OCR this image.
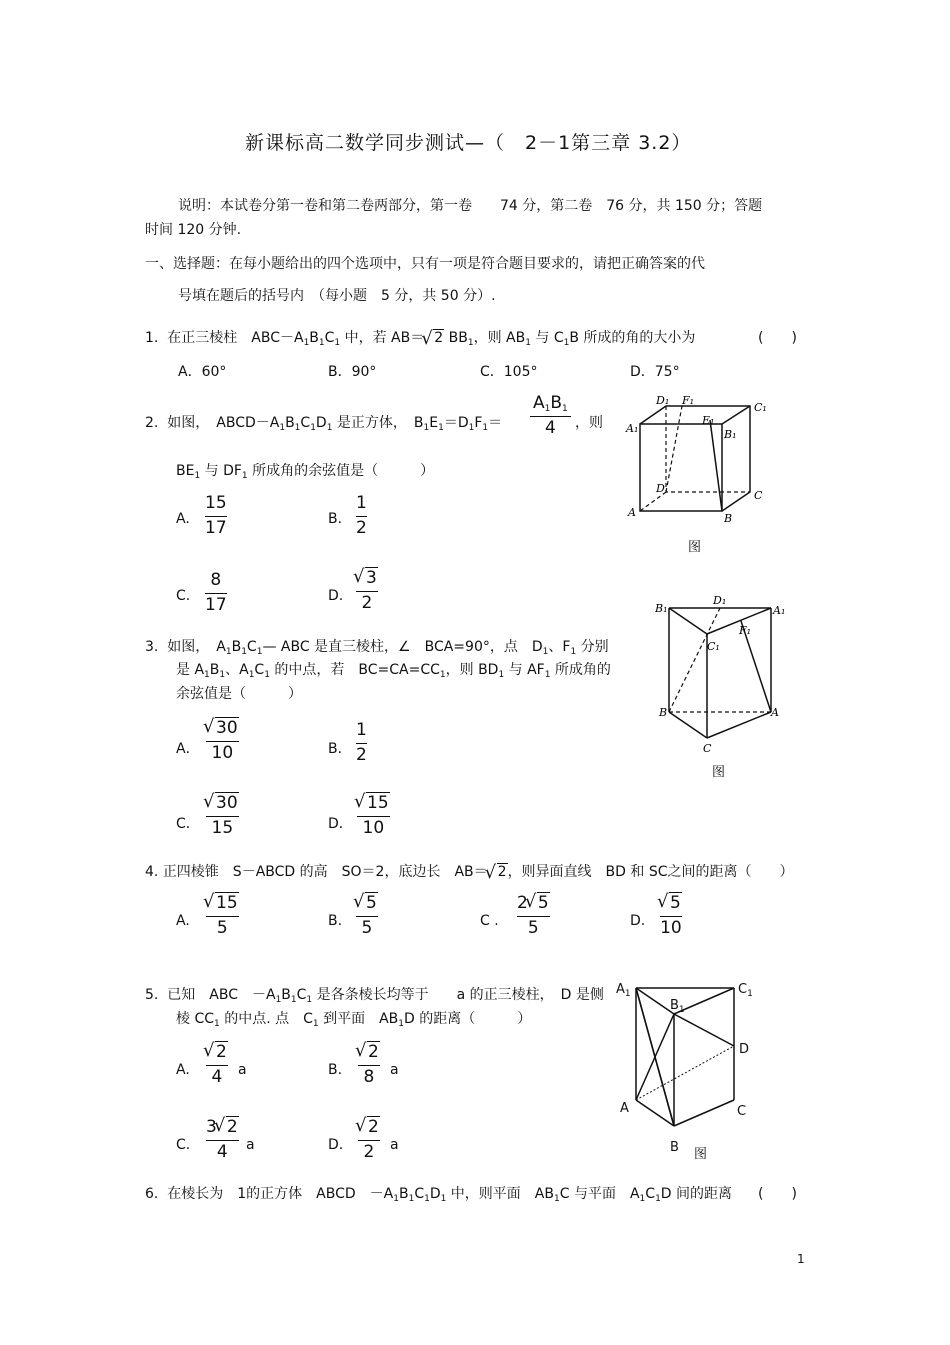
新课标高二数学同步测试—（　2－1第三章 3.2）
说明：本试卷分第一卷和第二卷两部分，第一卷　　74 分，第二卷　76 分，共 150 分；答题
时间 120 分钟.
一、选择题：在每小题给出的四个选项中，只有一项是符合题目要求的，请把正确答案的代
号填在题后的括号内　（每小题　5 分，共 50 分）.
1.  在正三棱柱　$ABC-A_1B_1C_1$ 中，若 AB＝ √ 2 $BB_1$，则 $AB_1$ 与 $C_1B$ 所成的角的大小为	(　　)
A．60°	B．90°	C．105°	D．75°
2.  如图，　$ABCD-A_1B_1C_1D_1$ 是正方体，　$B_1E_1=D_1F_1=$
$A_1B_1$
4 ，则
$BE_1$ 与 $DF_1$ 所成角的余弦值是（　　　）
A.
15
17	B.
1
2
C.
8
17	D.
√ 3
2
D₁ F₁
C₁
A₁
E₁
B₁
D
C
A	B
图
3.  如图，　$A_1B_1C_1—$ ABC 是直三棱柱，∠　BCA=90°，点　$D_1$、$F_1$ 分别
是 $A_1B_1$、$A_1C_1$ 的中点，若　$BC=CA=CC_1$，则 $BD_1$ 与 $AF_1$ 所成角的
余弦值是（　　　）
A．
√ 30
10	B．
1
2
C．
√ 30
15	D．
√ 15
10
B₁
D₁
A₁
F₁
C₁
B	A
C
图
4. 正四棱锥　S－ABCD 的高　SO＝2，底边长　AB＝ √ 2，则异面直线　BD 和 SC之间的距离（　　）
A.
√ 15
5	B.
√ 5
5	C .
2 √ 5
5	D.
√ 5
10
5.  已知　ABC　$-A_1B_1C_1$ 是各条棱长均等于　　a 的正三棱柱，　D 是侧
棱 $CC_1$ 的中点. 点　$C_1$ 到平面　$AB_1D$ 的距离（　　　）
A.
√ 2
4 a	B.
√ 2
8 a
C.
3 √ 2
4 a	D.
√ 2
2 a
$A_1$	$C_1$
$B_1$
D
A	C
B 图
6.  在棱长为　1的正方体　ABCD　$-A_1B_1C_1D_1$ 中，则平面　$AB_1C$ 与平面　$A_1C_1D$ 间的距离 (　　)
1
